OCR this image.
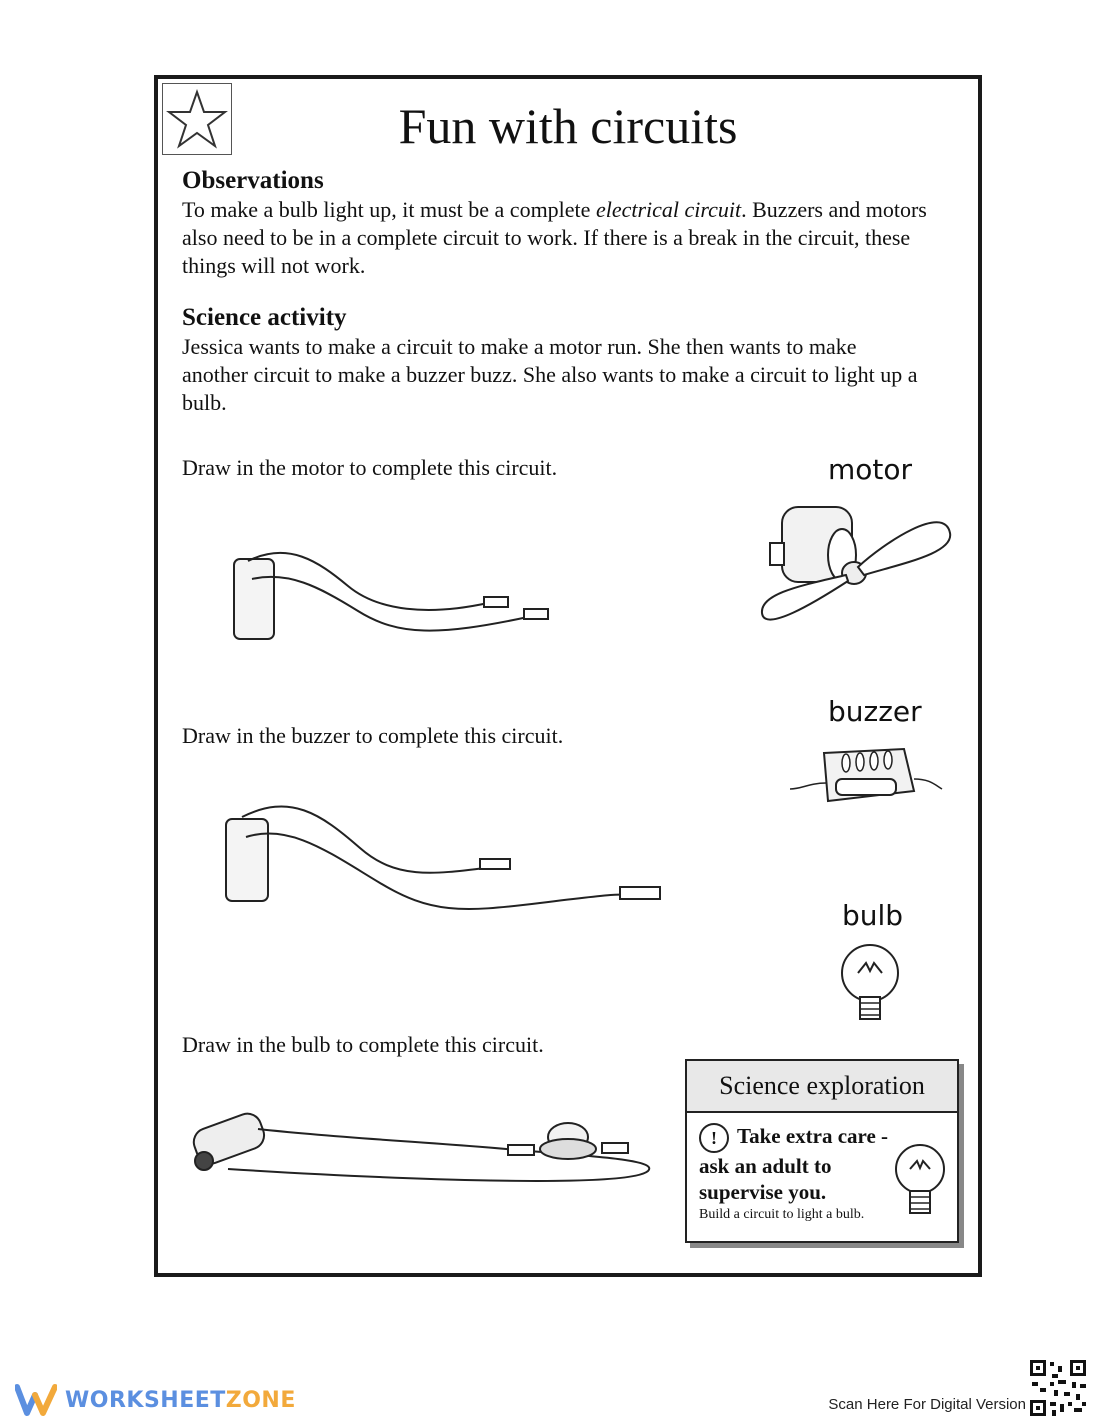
Fun with circuits
Observations
To make a bulb light up, it must be a complete electrical circuit. Buzzers and motors also need to be in a complete circuit to work. If there is a break in the circuit, these things will not work.
Science activity
Jessica wants to make a circuit to make a motor run. She then wants to make another circuit to make a buzzer buzz. She also wants to make a circuit to light up a bulb.
Draw in the motor to complete this circuit.	motor
buzzer
Draw in the buzzer to complete this circuit.
bulb
Draw in the bulb to complete this circuit.
Science exploration
! Take extra care - ask an adult to supervise you.
Build a circuit to light a bulb.
WORKSHEETZONE	Scan Here For Digital Version
